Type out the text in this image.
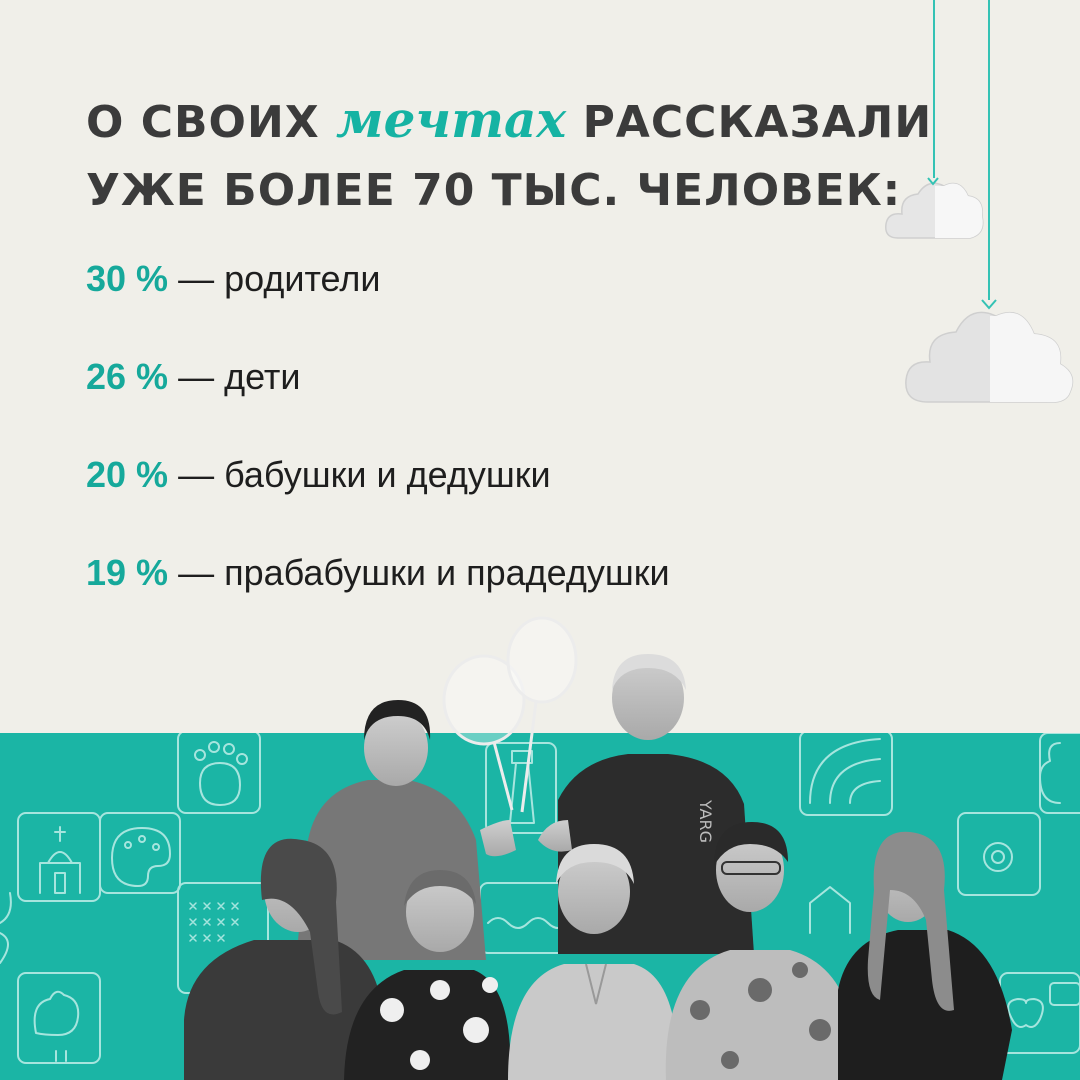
О СВОИХ мечтах РАССКАЗАЛИ
УЖЕ БОЛЕЕ 70 ТЫС. ЧЕЛОВЕК:
30 % — родители
26 % — дети
20 % — бабушки и дедушки
19 % — прабабушки и прадедушки
YARG
